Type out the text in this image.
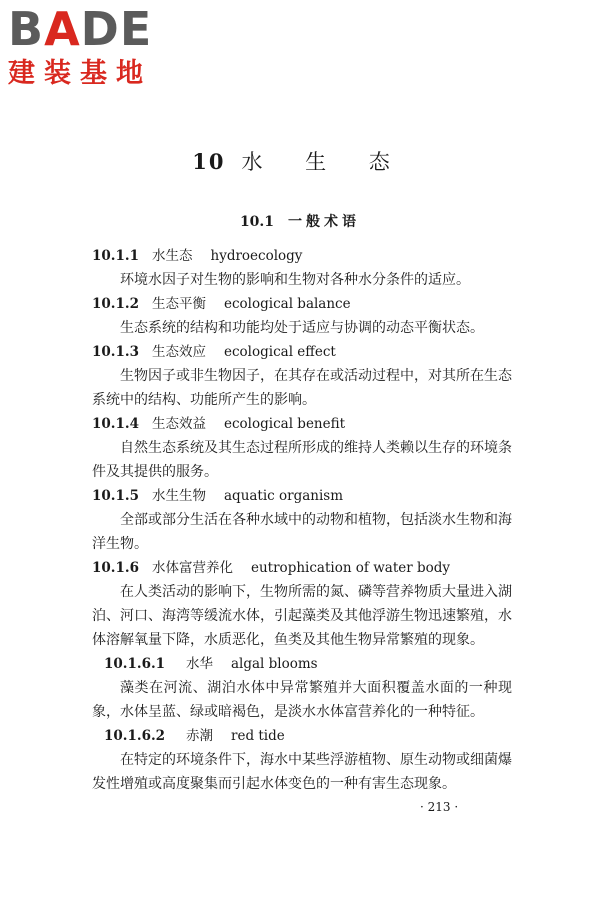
BADE
建装基地
10 水 生 态
10.1 一般术语
10.1.1 水生态 hydroecology

环境水因子对生物的影响和生物对各种水分条件的适应。

10.1.2 生态平衡 ecological balance

生态系统的结构和功能均处于适应与协调的动态平衡状态。

10.1.3 生态效应 ecological effect

生物因子或非生物因子，在其存在或活动过程中，对其所在生态系统中的结构、功能所产生的影响。

10.1.4 生态效益 ecological benefit

自然生态系统及其生态过程所形成的维持人类赖以生存的环境条件及其提供的服务。

10.1.5 水生生物 aquatic organism

全部或部分生活在各种水域中的动物和植物，包括淡水生物和海洋生物。

10.1.6 水体富营养化 eutrophication of water body

在人类活动的影响下，生物所需的氮、磷等营养物质大量进入湖泊、河口、海湾等缓流水体，引起藻类及其他浮游生物迅速繁殖，水体溶解氧量下降，水质恶化，鱼类及其他生物异常繁殖的现象。

10.1.6.1 水华 algal blooms

藻类在河流、湖泊水体中异常繁殖并大面积覆盖水面的一种现象，水体呈蓝、绿或暗褐色，是淡水水体富营养化的一种特征。

10.1.6.2 赤潮 red tide

在特定的环境条件下，海水中某些浮游植物、原生动物或细菌爆发性增殖或高度聚集而引起水体变色的一种有害生态现象。

· 213 ·
